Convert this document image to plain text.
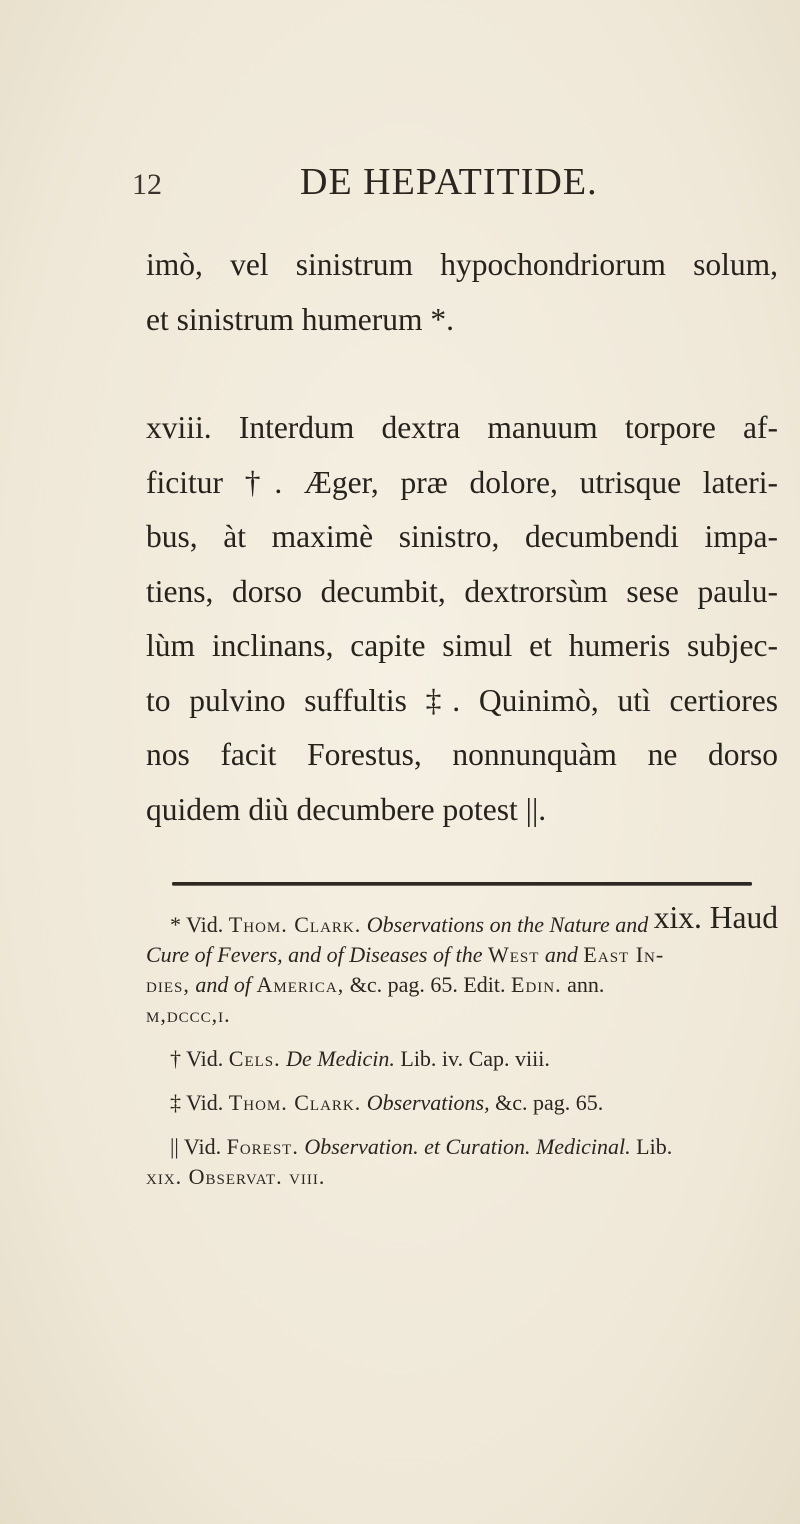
12	DE HEPATITIDE.
imò, vel sinistrum hypochondriorum solum,
et sinistrum humerum *.
xviii. Interdum dextra manuum torpore af-
ficitur †. Æger, præ dolore, utrisque lateri-
bus, àt maximè sinistro, decumbendi impa-
tiens, dorso decumbit, dextrorsùm sese paulu-
lùm inclinans, capite simul et humeris subjec-
to pulvino suffultis ‡. Quinimò, utì certiores
nos facit Forestus, nonnunquàm ne dorso
quidem diù decumbere potest ||.
xix. Haud
* Vid. Thom. Clark. Observations on the Nature and
Cure of Fevers, and of Diseases of the West and East In-
dies, and of America, &c. pag. 65. Edit. Edin. ann.
m,dccc,i.
† Vid. Cels. De Medicin. Lib. iv. Cap. viii.
‡ Vid. Thom. Clark. Observations, &c. pag. 65.
|| Vid. Forest. Observation. et Curation. Medicinal. Lib.
xix. Observat. viii.
